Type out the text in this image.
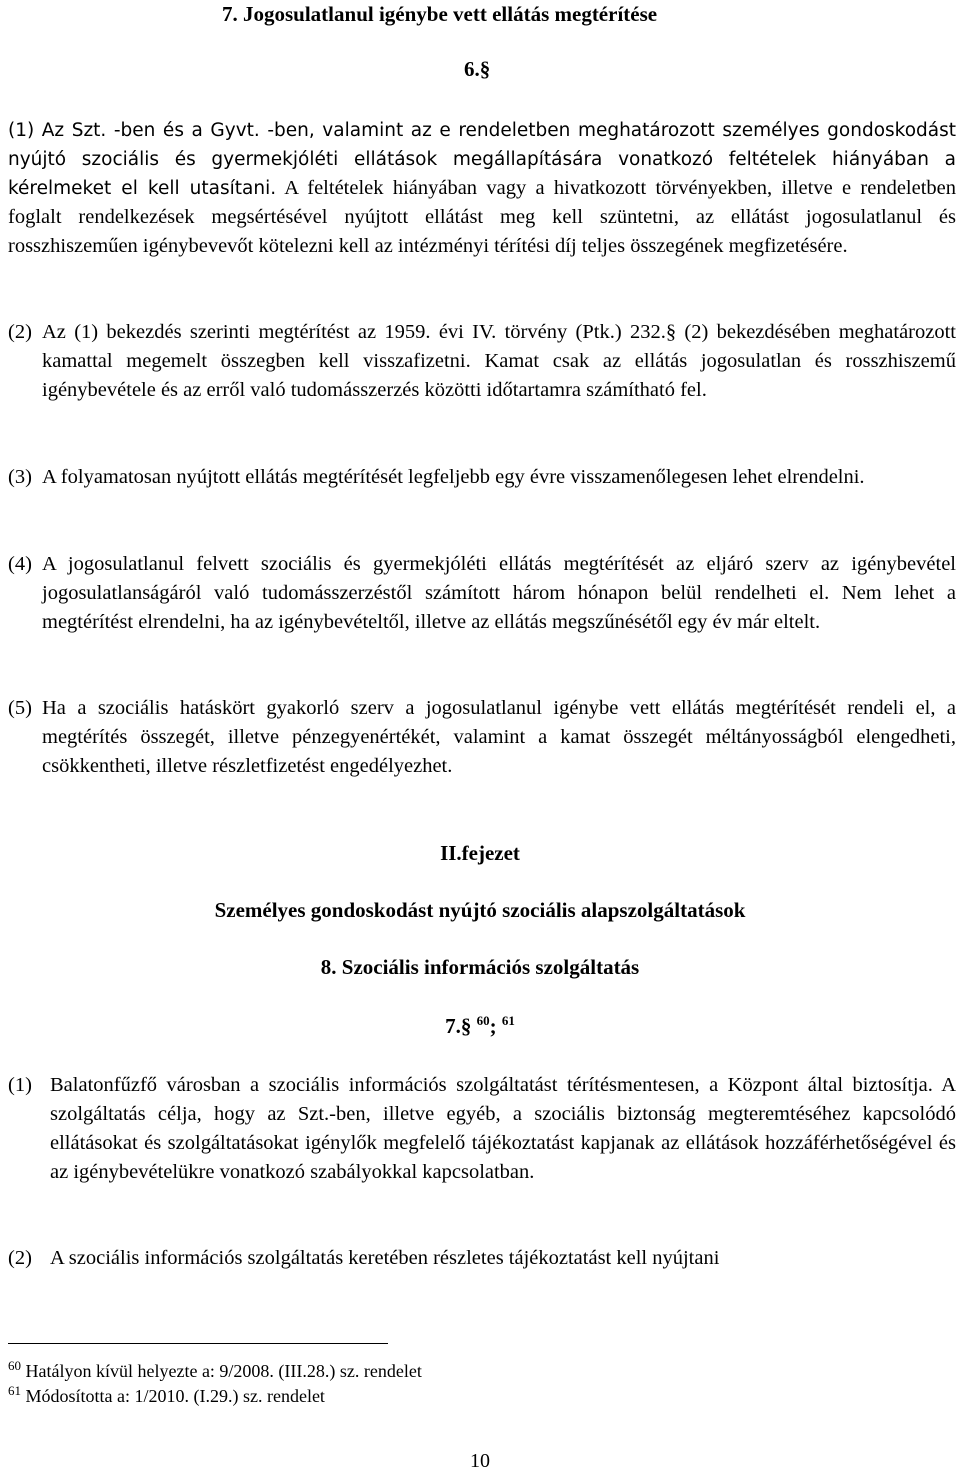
7. Jogosulatlanul igénybe vett ellátás megtérítése
6.§

(1) Az Szt. -ben és a Gyvt. -ben, valamint az e rendeletben meghatározott személyes gondoskodást nyújtó szociális és gyermekjóléti ellátások megállapítására vonatkozó feltételek hiányában a kérelmeket el kell utasítani. A feltételek hiányában vagy a hivatkozott törvényekben, illetve e rendeletben foglalt rendelkezések megsértésével nyújtott ellátást meg kell szüntetni, az ellátást jogosulatlanul és rosszhiszeműen igénybevevőt kötelezni kell az intézményi térítési díj teljes összegének megfizetésére.

(2) Az (1) bekezdés szerinti megtérítést az 1959. évi IV. törvény (Ptk.) 232.§ (2) bekezdésében meghatározott kamattal megemelt összegben kell visszafizetni. Kamat csak az ellátás jogosulatlan és rosszhiszemű igénybevétele és az erről való tudomásszerzés közötti időtartamra számítható fel.
(3) A folyamatosan nyújtott ellátás megtérítését legfeljebb egy évre visszamenőlegesen lehet elrendelni.
(4) A jogosulatlanul felvett szociális és gyermekjóléti ellátás megtérítését az eljáró szerv az igénybevétel jogosulatlanságáról való tudomásszerzéstől számított három hónapon belül rendelheti el. Nem lehet a megtérítést elrendelni, ha az igénybevételtől, illetve az ellátás megszűnésétől egy év már eltelt.
(5) Ha a szociális hatáskört gyakorló szerv a jogosulatlanul igénybe vett ellátás megtérítését rendeli el, a megtérítés összegét, illetve pénzegyenértékét, valamint a kamat összegét méltányosságból elengedheti, csökkentheti, illetve részletfizetést engedélyezhet.
II.fejezet
Személyes gondoskodást nyújtó szociális alapszolgáltatások
8. Szociális információs szolgáltatás
7.§ $^{60}$; $^{61}$
(1) Balatonfűzfő városban a szociális információs szolgáltatást térítésmentesen, a Központ által biztosítja. A szolgáltatás célja, hogy az Szt.-ben, illetve egyéb, a szociális biztonság megteremtéséhez kapcsolódó ellátásokat és szolgáltatásokat igénylők megfelelő tájékoztatást kapjanak az ellátások hozzáférhetőségével és az igénybevételükre vonatkozó szabályokkal kapcsolatban.
(2) A szociális információs szolgáltatás keretében részletes tájékoztatást kell nyújtani
$^{60}$ Hatályon kívül helyezte a: 9/2008. (III.28.) sz. rendelet
$^{61}$ Módosította a: 1/2010. (I.29.) sz. rendelet
10
